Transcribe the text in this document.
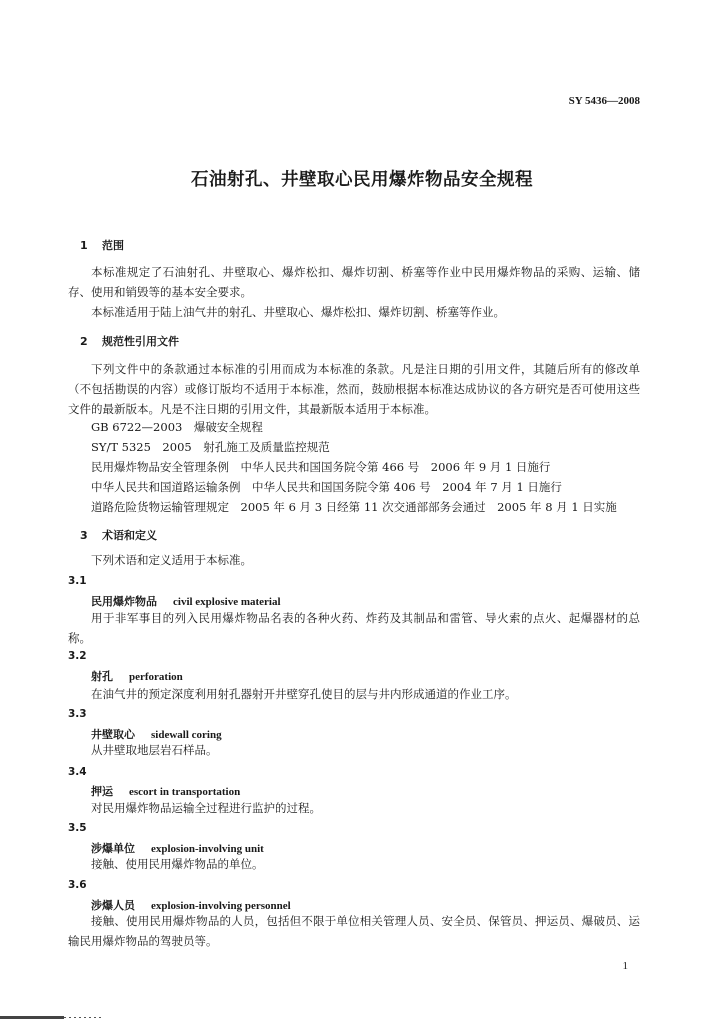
SY 5436—2008
石油射孔、井壁取心民用爆炸物品安全规程
1 范围

本标准规定了石油射孔、井壁取心、爆炸松扣、爆炸切割、桥塞等作业中民用爆炸物品的采购、运输、储存、使用和销毁等的基本安全要求。

本标准适用于陆上油气井的射孔、井壁取心、爆炸松扣、爆炸切割、桥塞等作业。

2 规范性引用文件

下列文件中的条款通过本标准的引用而成为本标准的条款。凡是注日期的引用文件，其随后所有的修改单（不包括勘误的内容）或修订版均不适用于本标准，然而，鼓励根据本标准达成协议的各方研究是否可使用这些文件的最新版本。凡是不注日期的引用文件，其最新版本适用于本标准。

GB 6722—2003　爆破安全规程
SY/T 5325　2005　射孔施工及质量监控规范
民用爆炸物品安全管理条例　中华人民共和国国务院令第 466 号　2006 年 9 月 1 日施行
中华人民共和国道路运输条例　中华人民共和国国务院令第 406 号　2004 年 7 月 1 日施行
道路危险货物运输管理规定　2005 年 6 月 3 日经第 11 次交通部部务会通过　2005 年 8 月 1 日实施
3 术语和定义
下列术语和定义适用于本标准。
3.1
民用爆炸物品 civil explosive material

用于非军事目的列入民用爆炸物品名表的各种火药、炸药及其制品和雷管、导火索的点火、起爆器材的总称。

3.2
射孔 perforation

在油气井的预定深度利用射孔器射开井壁穿孔使目的层与井内形成通道的作业工序。

3.3
井壁取心 sidewall coring

从井壁取地层岩石样品。

3.4
押运 escort in transportation

对民用爆炸物品运输全过程进行监护的过程。

3.5
涉爆单位 explosion-involving unit

接触、使用民用爆炸物品的单位。

3.6
涉爆人员 explosion-involving personnel

接触、使用民用爆炸物品的人员，包括但不限于单位相关管理人员、安全员、保管员、押运员、爆破员、运输民用爆炸物品的驾驶员等。

1
